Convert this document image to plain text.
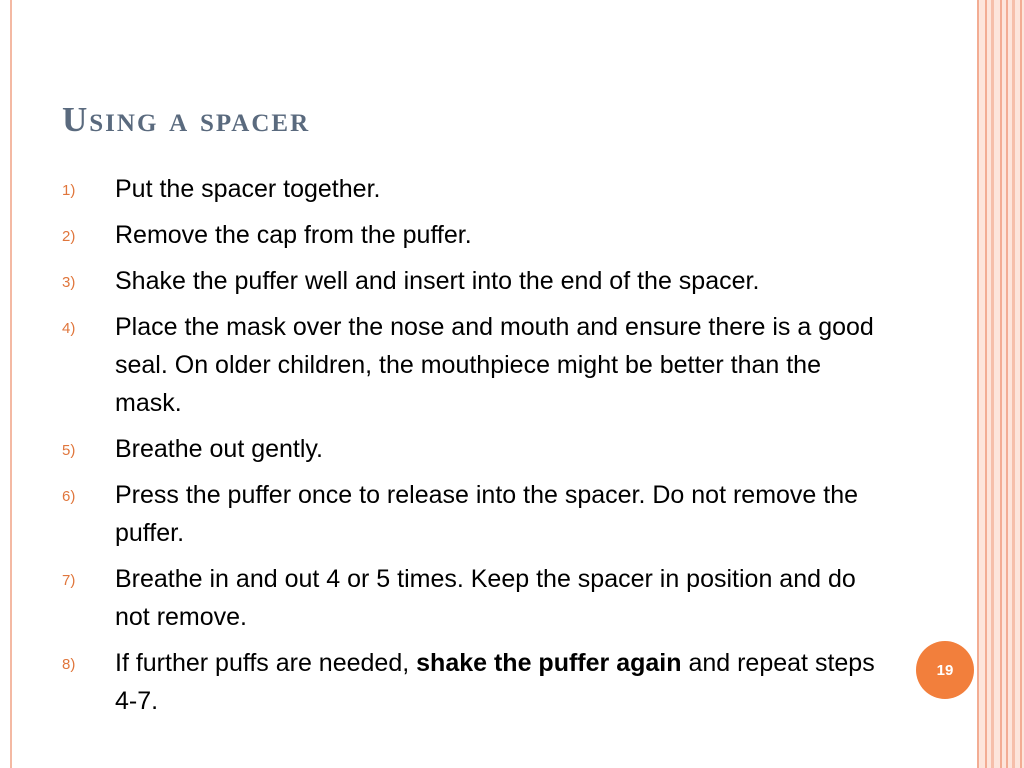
Using a spacer
1) Put the spacer together.
2) Remove the cap from the puffer.
3) Shake the puffer well and insert into the end of the spacer.
4) Place the mask over the nose and mouth and ensure there is a good seal. On older children, the mouthpiece might be better than the mask.
5) Breathe out gently.
6) Press the puffer once to release into the spacer. Do not remove the puffer.
7) Breathe in and out 4 or 5 times. Keep the spacer in position and do not remove.
8) If further puffs are needed, shake the puffer again and repeat steps 4-7.
19
